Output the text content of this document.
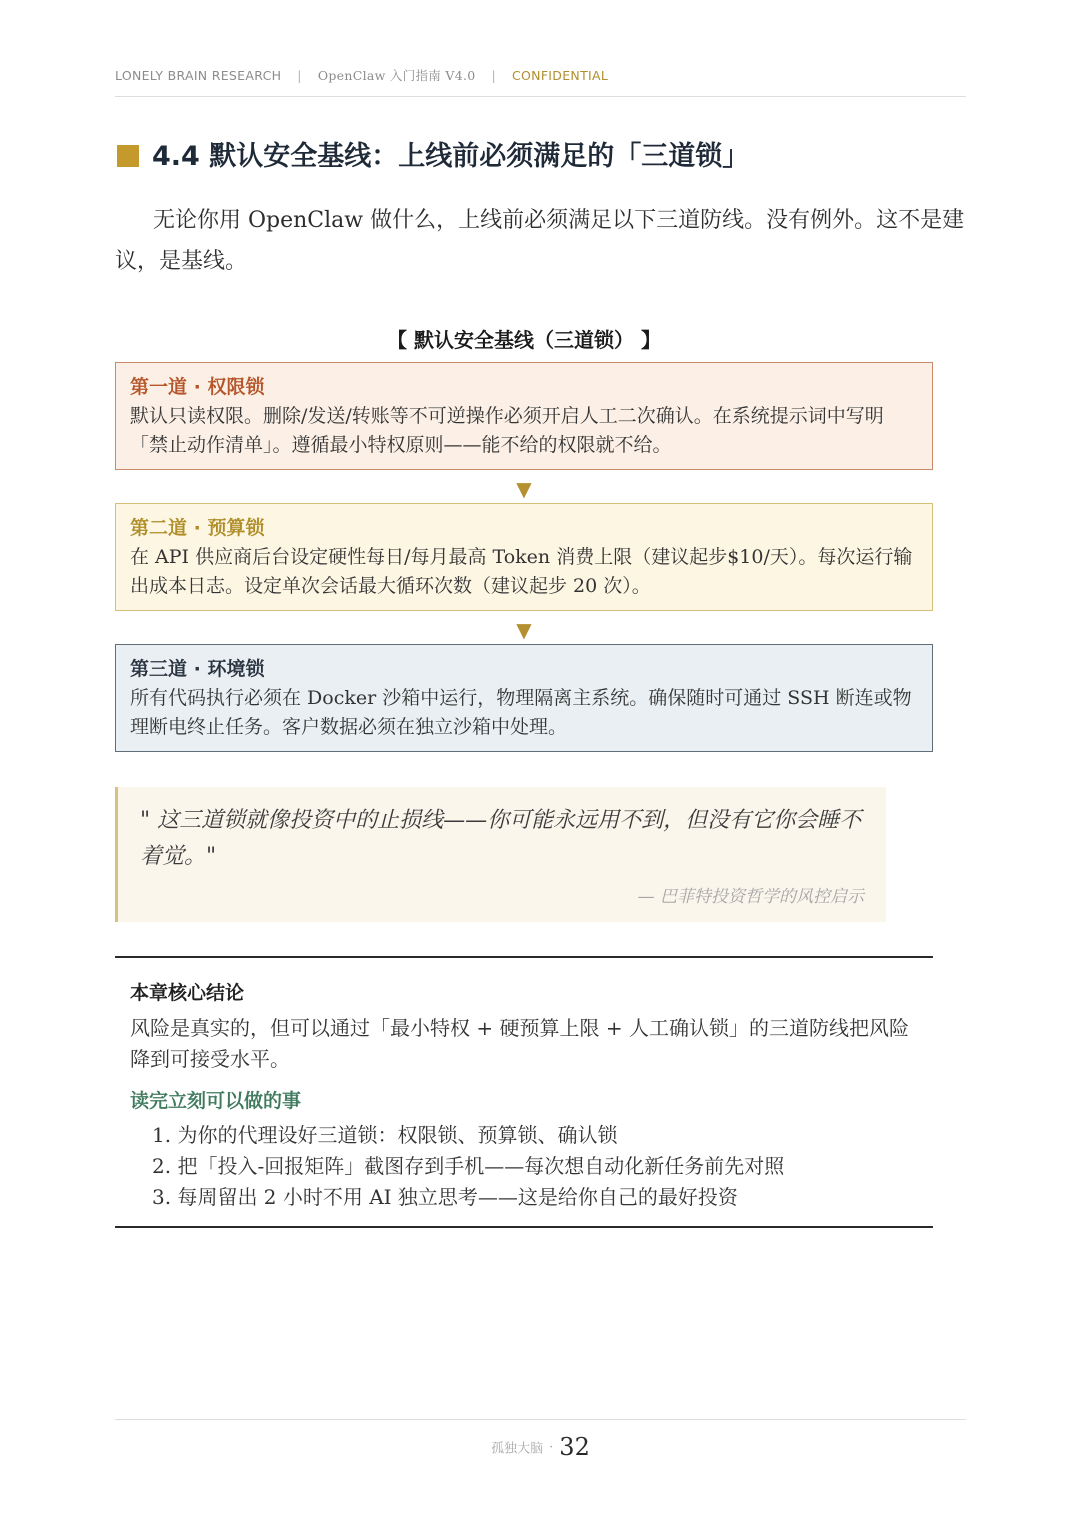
LONELY BRAIN RESEARCH | OpenClaw 入门指南 V4.0 | CONFIDENTIAL
4.4 默认安全基线：上线前必须满足的「三道锁」
无论你用 OpenClaw 做什么，上线前必须满足以下三道防线。没有例外。这不是建议，是基线。
【 默认安全基线（三道锁） 】
第一道 · 权限锁
默认只读权限。删除/发送/转账等不可逆操作必须开启人工二次确认。在系统提示词中写明「禁止动作清单」。遵循最小特权原则——能不给的权限就不给。
▼
第二道 · 预算锁
在 API 供应商后台设定硬性每日/每月最高 Token 消费上限（建议起步$10/天）。每次运行输出成本日志。设定单次会话最大循环次数（建议起步 20 次）。
▼
第三道 · 环境锁
所有代码执行必须在 Docker 沙箱中运行，物理隔离主系统。确保随时可通过 SSH 断连或物理断电终止任务。客户数据必须在独立沙箱中处理。
" 这三道锁就像投资中的止损线——你可能永远用不到，但没有它你会睡不着觉。"
— 巴菲特投资哲学的风控启示
本章核心结论
风险是真实的，但可以通过「最小特权 + 硬预算上限 + 人工确认锁」的三道防线把风险降到可接受水平。
读完立刻可以做的事
1. 为你的代理设好三道锁：权限锁、预算锁、确认锁
2. 把「投入-回报矩阵」截图存到手机——每次想自动化新任务前先对照
3. 每周留出 2 小时不用 AI 独立思考——这是给你自己的最好投资
孤独大脑 · 32
